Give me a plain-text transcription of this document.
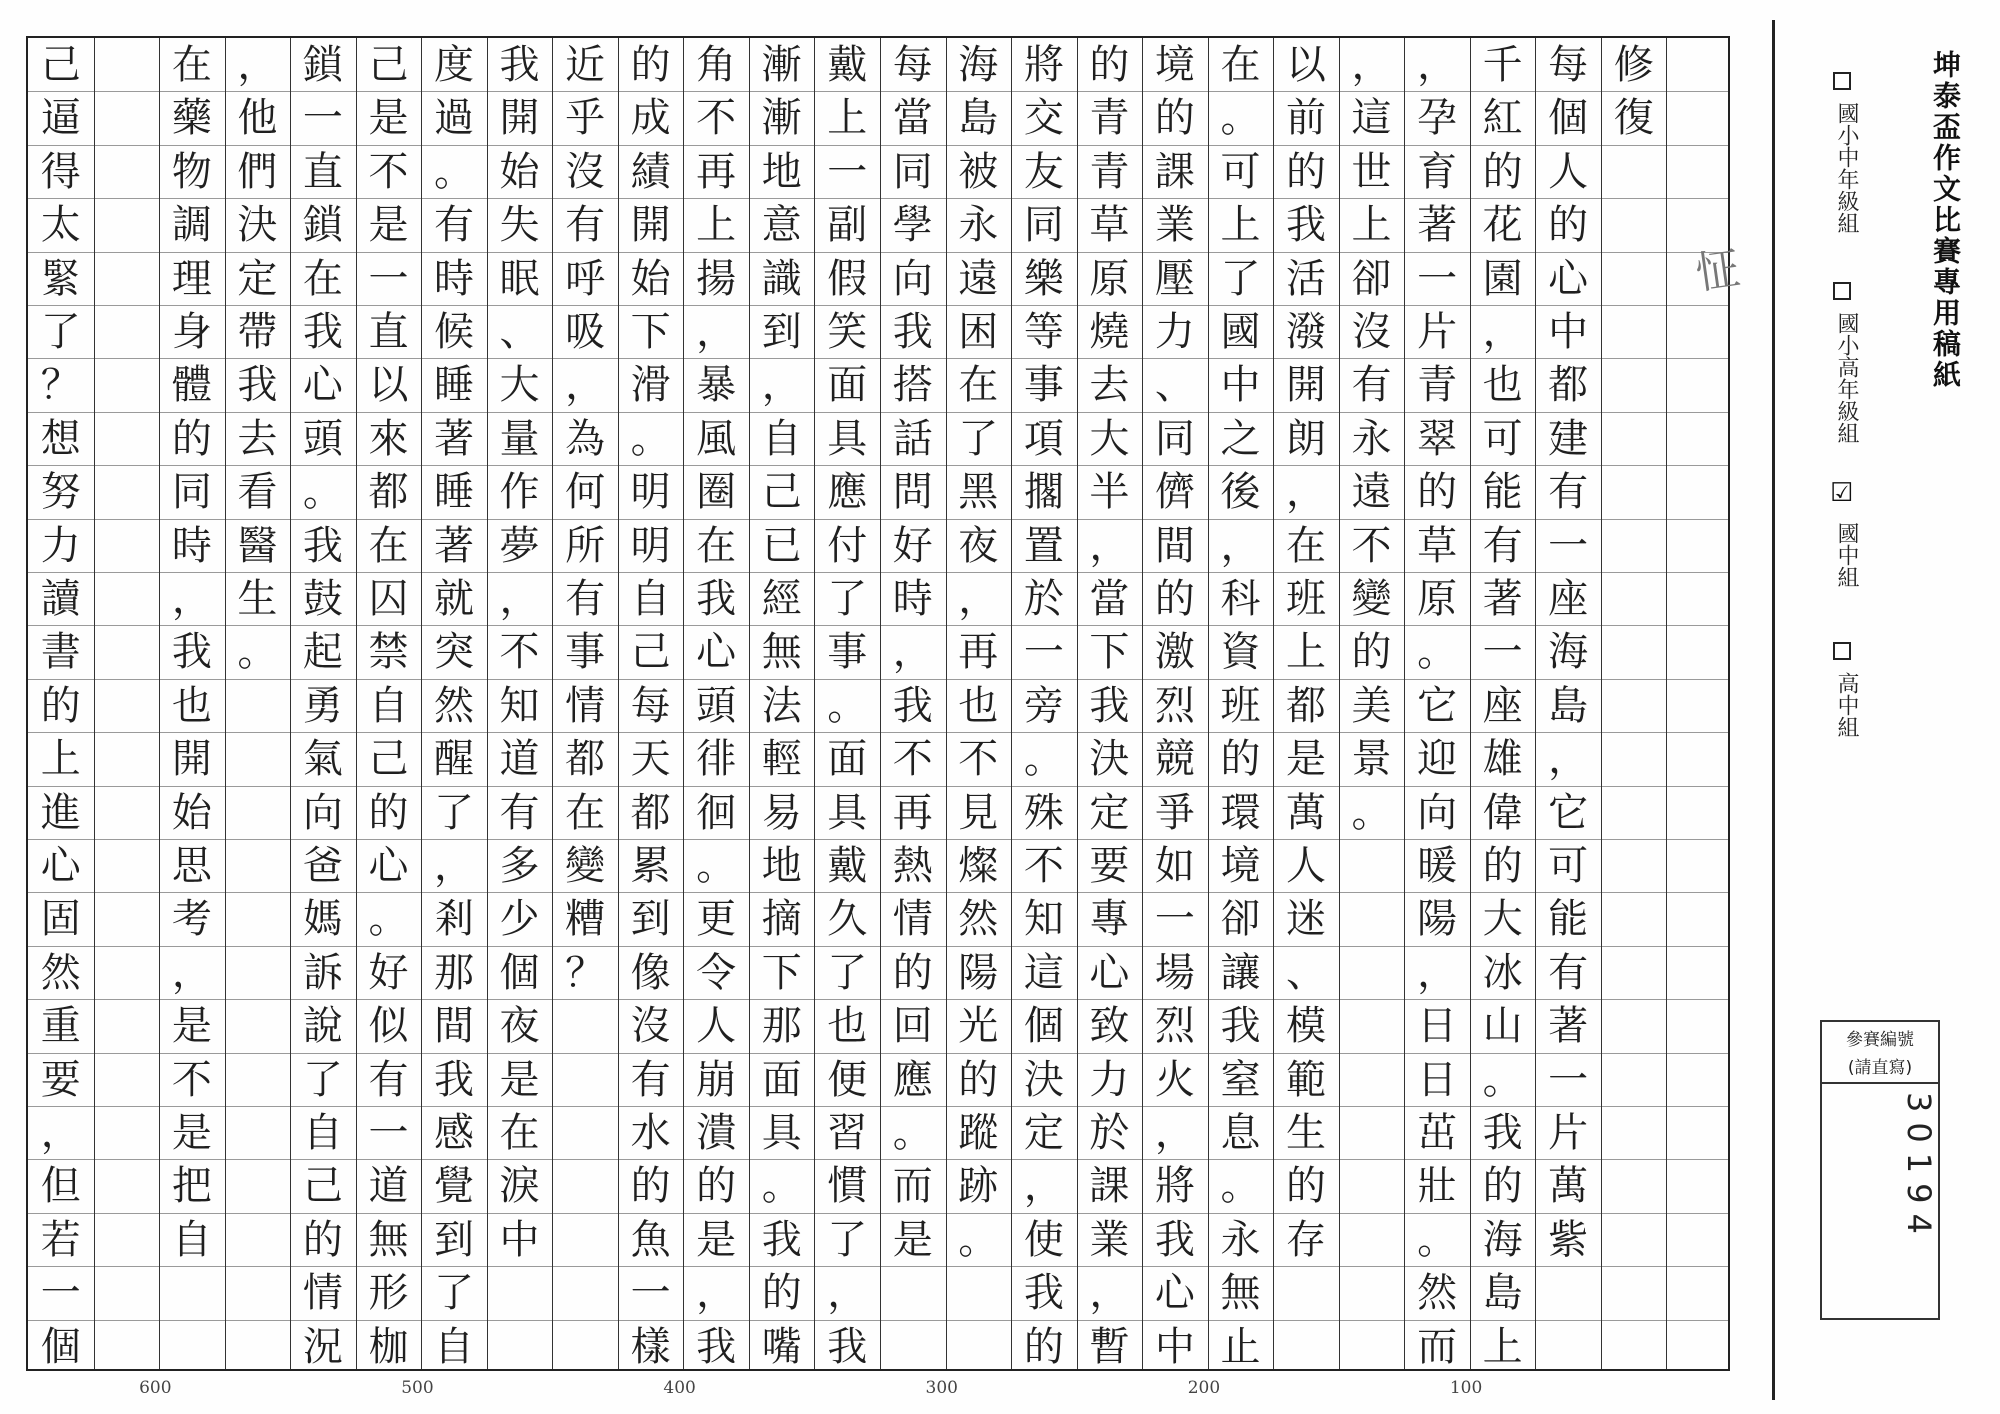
修
復
每
個
人
的
心
中
都
建
有
一
座
海
島
，
它
可
能
有
著
一
片
萬
紫
千
紅
的
花
園
，
也
可
能
有
著
一
座
雄
偉
的
大
冰
山
。
我
的
海
島
上
，
孕
育
著
一
片
青
翠
的
草
原
。
它
迎
向
暖
陽
，
日
日
茁
壯
。
然
而
，
這
世
上
卻
沒
有
永
遠
不
變
的
美
景
。
以
前
的
我
活
潑
開
朗
，
在
班
上
都
是
萬
人
迷
、
模
範
生
的
存
在
。
可
上
了
國
中
之
後
，
科
資
班
的
環
境
卻
讓
我
窒
息
。
永
無
止
境
的
課
業
壓
力
、
同
儕
間
的
激
烈
競
爭
如
一
場
烈
火
，
將
我
心
中
的
青
青
草
原
燒
去
大
半
，
當
下
我
決
定
要
專
心
致
力
於
課
業
，
暫
將
交
友
同
樂
等
事
項
擱
置
於
一
旁
。
殊
不
知
這
個
決
定
，
使
我
的
海
島
被
永
遠
困
在
了
黑
夜
，
再
也
不
見
燦
然
陽
光
的
蹤
跡
。
每
當
同
學
向
我
搭
話
問
好
時
，
我
不
再
熱
情
的
回
應
。
而
是
戴
上
一
副
假
笑
面
具
應
付
了
事
。
面
具
戴
久
了
也
便
習
慣
了
，
我
漸
漸
地
意
識
到
，
自
己
已
經
無
法
輕
易
地
摘
下
那
面
具
。
我
的
嘴
角
不
再
上
揚
，
暴
風
圈
在
我
心
頭
徘
徊
。
更
令
人
崩
潰
的
是
，
我
的
成
績
開
始
下
滑
。
明
明
自
己
每
天
都
累
到
像
沒
有
水
的
魚
一
樣
近
乎
沒
有
呼
吸
，
為
何
所
有
事
情
都
在
變
糟
？
我
開
始
失
眠
、
大
量
作
夢
，
不
知
道
有
多
少
個
夜
是
在
淚
中
度
過
。
有
時
候
睡
著
睡
著
就
突
然
醒
了
，
剎
那
間
我
感
覺
到
了
自
己
是
不
是
一
直
以
來
都
在
囚
禁
自
己
的
心
。
好
似
有
一
道
無
形
枷
鎖
一
直
鎖
在
我
心
頭
。
我
鼓
起
勇
氣
向
爸
媽
訴
說
了
自
己
的
情
況
，
他
們
決
定
帶
我
去
看
醫
生
。
在
藥
物
調
理
身
體
的
同
時
，
我
也
開
始
思
考
，
是
不
是
把
自
己
逼
得
太
緊
了
？
想
努
力
讀
書
的
上
進
心
固
然
重
要
，
但
若
一
個
100
200
300
400
500
600
怔	坤泰盃作文比賽專用稿紙
國小中年級組
國小高年級組
☑
國中組
高中組
參賽編號
(請直寫)
30194
